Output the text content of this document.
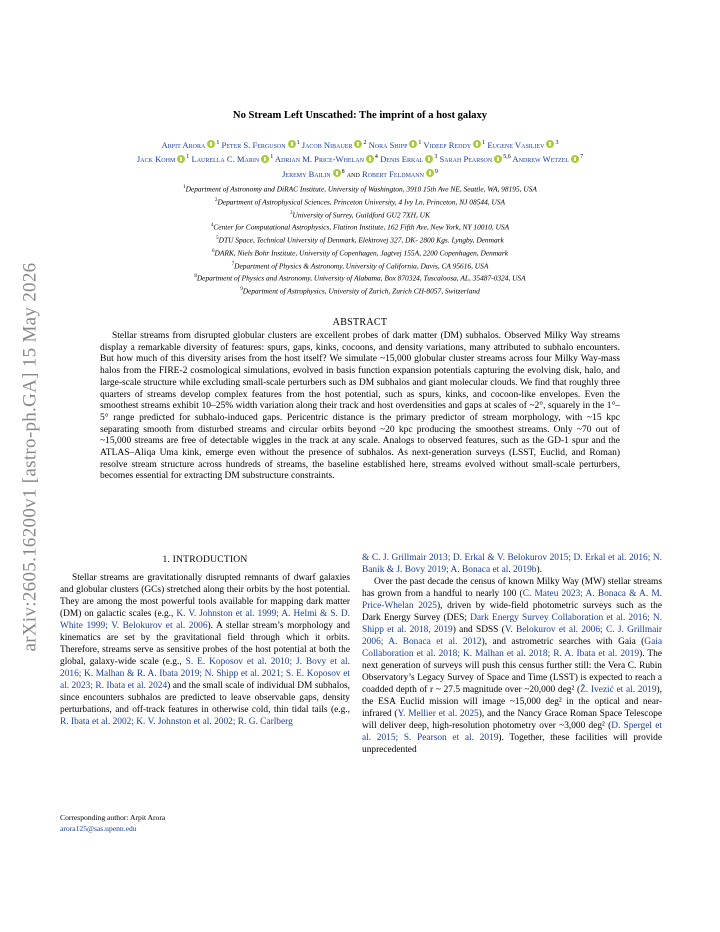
arXiv:2605.16200v1 [astro-ph.GA] 15 May 2026
No Stream Left Unscathed: The imprint of a host galaxy
Arpit Arora $^1$ Peter S. Ferguson $^1$ Jacob Nibauer $^2$ Nora Shipp $^1$ Videep Reddy $^1$ Eugene Vasiliev $^3$
Jack Kohm $^1$ Laurella C. Marin $^1$ Adrian M. Price-Whelan $^4$ Denis Erkal $^3$ Sarah Pearson $^{5,6}$ Andrew Wetzel $^7$
Jeremy Bailin $^8$ and Robert Feldmann $^9$
$^1$Department of Astronomy and DiRAC Institute, University of Washington, 3910 15th Ave NE, Seattle, WA, 98195, USA
$^2$Department of Astrophysical Sciences, Princeton University, 4 Ivy Ln, Princeton, NJ 08544, USA
$^3$University of Surrey, Guildford GU2 7XH, UK
$^4$Center for Computational Astrophysics, Flatiron Institute, 162 Fifth Ave, New York, NY 10010, USA
$^5$DTU Space, Technical University of Denmark, Elektrovej 327, DK- 2800 Kgs. Lyngby, Denmark
$^6$DARK, Niels Bohr Institute, University of Copenhagen, Jagtvej 155A, 2200 Copenhagen, Denmark
$^7$Department of Physics & Astronomy, University of California, Davis, CA 95616, USA
$^8$Department of Physics and Astronomy, University of Alabama, Box 870324, Tuscaloosa, AL, 35487-0324, USA
$^9$Department of Astrophysics, University of Zurich, Zurich CH-8057, Switzerland
ABSTRACT
Stellar streams from disrupted globular clusters are excellent probes of dark matter (DM) subhalos. Observed Milky Way streams display a remarkable diversity of features: spurs, gaps, kinks, cocoons, and density variations, many attributed to subhalo encounters. But how much of this diversity arises from the host itself? We simulate ~15,000 globular cluster streams across four Milky Way-mass halos from the FIRE-2 cosmological simulations, evolved in basis function expansion potentials capturing the evolving disk, halo, and large-scale structure while excluding small-scale perturbers such as DM subhalos and giant molecular clouds. We find that roughly three quarters of streams develop complex features from the host potential, such as spurs, kinks, and cocoon-like envelopes. Even the smoothest streams exhibit 10–25% width variation along their track and host overdensities and gaps at scales of ~2°, squarely in the 1°–5° range predicted for subhalo-induced gaps. Pericentric distance is the primary predictor of stream morphology, with ~15 kpc separating smooth from disturbed streams and circular orbits beyond ~20 kpc producing the smoothest streams. Only ~70 out of ~15,000 streams are free of detectable wiggles in the track at any scale. Analogs to observed features, such as the GD-1 spur and the ATLAS–Aliqa Uma kink, emerge even without the presence of subhalos. As next-generation surveys (LSST, Euclid, and Roman) resolve stream structure across hundreds of streams, the baseline established here, streams evolved without small-scale perturbers, becomes essential for extracting DM substructure constraints.
1. INTRODUCTION

Stellar streams are gravitationally disrupted remnants of dwarf galaxies and globular clusters (GCs) stretched along their orbits by the host potential. They are among the most powerful tools available for mapping dark matter (DM) on galactic scales (e.g., K. V. Johnston et al. 1999; A. Helmi & S. D. White 1999; V. Belokurov et al. 2006). A stellar stream’s morphology and kinematics are set by the gravitational field through which it orbits. Therefore, streams serve as sensitive probes of the host potential at both the global, galaxy-wide scale (e.g., S. E. Koposov et al. 2010; J. Bovy et al. 2016; K. Malhan & R. A. Ibata 2019; N. Shipp et al. 2021; S. E. Koposov et al. 2023; R. Ibata et al. 2024) and the small scale of individual DM subhalos, since encounters subhalos are predicted to leave observable gaps, density perturbations, and off-track features in otherwise cold, thin tidal tails (e.g., R. Ibata et al. 2002; K. V. Johnston et al. 2002; R. G. Carlberg

& C. J. Grillmair 2013; D. Erkal & V. Belokurov 2015; D. Erkal et al. 2016; N. Banik & J. Bovy 2019; A. Bonaca et al. 2019b).

Over the past decade the census of known Milky Way (MW) stellar streams has grown from a handful to nearly 100 (C. Mateu 2023; A. Bonaca & A. M. Price-Whelan 2025), driven by wide-field photometric surveys such as the Dark Energy Survey (DES; Dark Energy Survey Collaboration et al. 2016; N. Shipp et al. 2018, 2019) and SDSS (V. Belokurov et al. 2006; C. J. Grillmair 2006; A. Bonaca et al. 2012), and astrometric searches with Gaia (Gaia Collaboration et al. 2018; K. Malhan et al. 2018; R. A. Ibata et al. 2019). The next generation of surveys will push this census further still: the Vera C. Rubin Observatory’s Legacy Survey of Space and Time (LSST) is expected to reach a coadded depth of r ~ 27.5 magnitude over ~20,000 deg² (Ž. Ivezić et al. 2019), the ESA Euclid mission will image ~15,000 deg² in the optical and near-infrared (Y. Mellier et al. 2025), and the Nancy Grace Roman Space Telescope will deliver deep, high-resolution photometry over ~3,000 deg² (D. Spergel et al. 2015; S. Pearson et al. 2019). Together, these facilities will provide unprecedented

Corresponding author: Arpit Arora
arora125@sas.upenn.edu
